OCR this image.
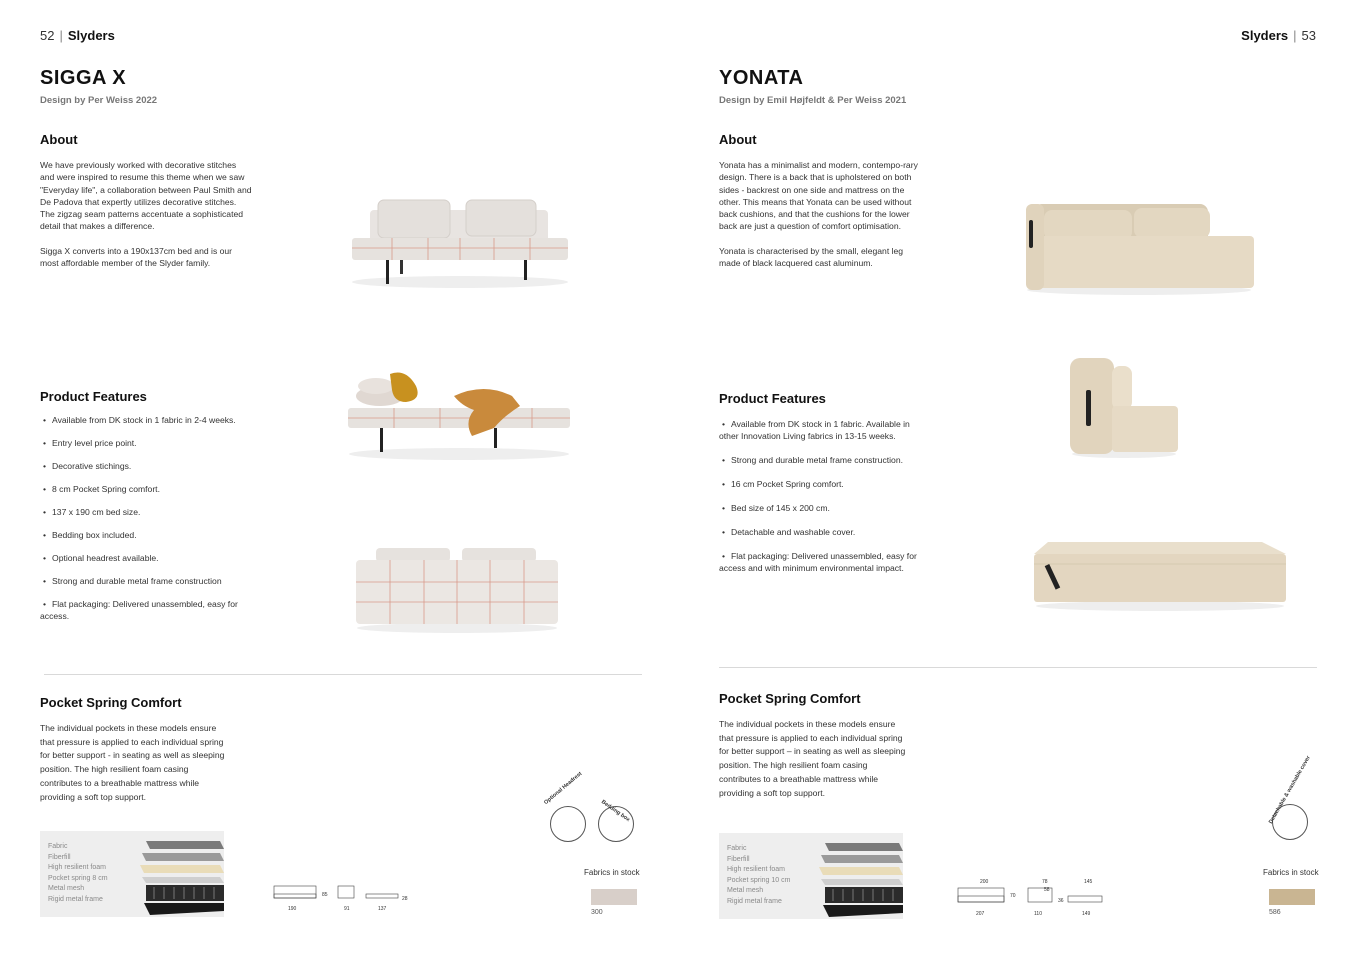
52 | Slyders
SIGGA X
Design by Per Weiss 2022
About

We have previously worked with decorative stitches and were inspired to resume this theme when we saw "Everyday life", a collaboration between Paul Smith and De Padova that expertly utilizes decorative stitches. The zigzag seam patterns accentuate a sophisticated detail that makes a difference.

Sigga X converts into a 190x137cm bed and is our most affordable member of the Slyder family.

Product Features
• Available from DK stock in 1 fabric in 2-4 weeks.
• Entry level price point.
• Decorative stichings.
• 8 cm Pocket Spring comfort.
• 137 x 190 cm bed size.
• Bedding box included.
• Optional headrest available.
• Strong and durable metal frame construction
• Flat packaging: Delivered unassembled, easy for access.
Pocket Spring Comfort
The individual pockets in these models ensure that pressure is applied to each individual spring for better support - in seating as well as sleeping position. The high resilient foam casing contributes to a breathable mattress while providing a soft top support.
Fabric
Fiberfill
High resilient foam
Pocket spring 8 cm
Metal mesh
Rigid metal frame
85
28
190	91	137
Optional Headrest
Bedding box
Fabrics in stock
300
Slyders | 53
YONATA
Design by Emil Højfeldt & Per Weiss 2021
About

Yonata has a minimalist and modern, contempo-rary design. There is a back that is upholstered on both sides - backrest on one side and mattress on the other. This means that Yonata can be used without back cushions, and that the cushions for the lower back are just a question of comfort optimisation.

Yonata is characterised by the small, elegant leg made of black lacquered cast aluminum.

Product Features
• Available from DK stock in 1 fabric. Available in other Innovation Living fabrics in 13-15 weeks.
• Strong and durable metal frame construction.
• 16 cm Pocket Spring comfort.
• Bed size of 145 x 200 cm.
• Detachable and washable cover.
• Flat packaging: Delivered unassembled, easy for access and with minimum environmental impact.
Pocket Spring Comfort
The individual pockets in these models ensure that pressure is applied to each individual spring for better support – in seating as well as sleeping position. The high resilient foam casing contributes to a breathable mattress while providing a soft top support.
Fabric
Fiberfill
High resilient foam
Pocket spring 10 cm
Metal mesh
Rigid metal frame
200	78	145
70
58
36
207	110	149
Detachable & washable cover
Fabrics in stock
586
